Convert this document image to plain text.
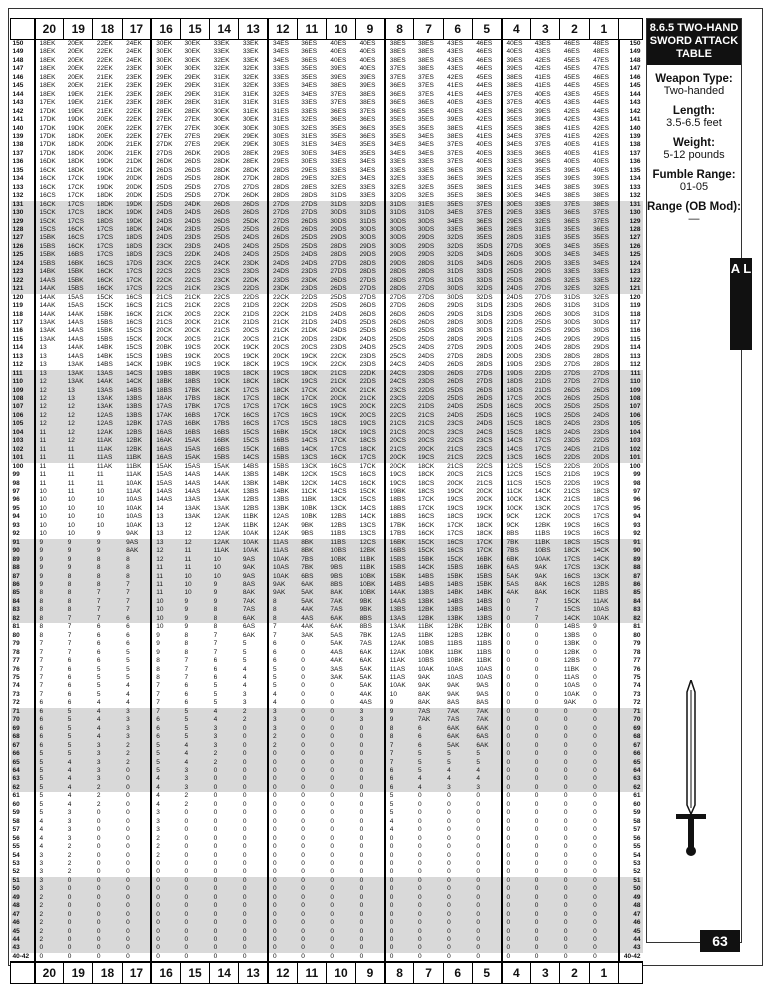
	20	19	18	17	16	15	14	13	12	11	10	9	8	7	6	5	4	3	2	1	
150	18EK	20EK	22EK	24EK	30EK	30EK	33EK	33EK	34ES	36ES	40ES	40ES	38ES	38ES	43ES	46ES	40ES	43ES	46ES	48ES	150
149	18EK	20EK	22EK	24EK	30EK	30EK	33EK	33EK	34ES	36ES	40ES	40ES	38ES	38ES	43ES	46ES	40ES	43ES	46ES	48ES	149
148	18EK	20EK	22EK	24EK	30EK	30EK	32EK	33EK	34ES	36ES	40ES	40ES	38ES	38ES	43ES	46ES	39ES	42ES	45ES	47ES	148
147	18EK	20EK	22EK	23EK	30EK	30EK	32EK	32EK	33ES	35ES	39ES	40ES	37ES	38ES	43ES	46ES	39ES	42ES	45ES	47ES	147
146	18EK	20EK	21EK	23EK	29EK	29EK	31EK	32EK	33ES	35ES	39ES	39ES	37ES	37ES	42ES	45ES	38ES	41ES	45ES	46ES	146
145	18EK	20EK	21EK	23EK	29EK	29EK	31EK	32EK	33ES	34ES	38ES	39ES	36ES	37ES	41ES	44ES	38ES	41ES	44ES	45ES	145
144	18EK	19EK	21EK	23EK	28EK	29EK	31EK	31EK	32ES	34ES	37ES	38ES	36ES	37ES	41ES	44ES	37ES	40ES	43ES	45ES	144
143	17EK	19EK	21EK	23EK	28EK	28EK	31EK	31EK	31ES	33ES	37ES	38ES	36ES	36ES	40ES	43ES	37ES	40ES	43ES	44ES	143
142	17DK	19EK	21EK	22EK	28EK	28EK	30EK	31EK	31ES	33ES	36ES	37ES	36ES	35ES	40ES	43ES	36ES	39ES	42ES	44ES	142
141	17DK	19DK	20EK	22EK	27EK	27EK	30EK	30EK	31ES	32ES	36ES	36ES	35ES	35ES	39ES	42ES	35ES	39ES	42ES	43ES	141
140	17DK	19DK	20EK	22EK	27EK	27EK	30EK	30EK	30ES	32ES	35ES	36ES	35ES	35ES	38ES	41ES	35ES	38ES	41ES	42ES	140
139	17DK	18DK	20EK	22EK	27EK	27ES	29EK	29EK	30ES	31ES	35ES	36ES	35ES	34ES	38ES	41ES	34ES	37ES	41ES	42ES	139
138	17DK	18DK	20DK	21EK	27DK	27ES	29EK	29EK	30ES	31ES	34ES	35ES	34ES	34ES	37ES	40ES	34ES	37ES	40ES	41ES	138
137	17DK	18DK	20DK	21EK	27DS	26DK	29DS	28EK	29ES	30ES	34ES	35ES	34ES	34ES	37ES	40ES	33ES	36ES	40ES	41ES	137
136	16DK	18DK	19DK	21DK	26DK	26DS	28DK	28EK	29ES	30ES	33ES	34ES	33ES	33ES	37ES	40ES	33ES	36ES	40ES	40ES	136
135	16CK	18DK	19DK	21DK	26DS	26DS	28DK	28DK	28DS	29ES	33ES	34ES	33ES	33ES	36ES	39ES	32ES	35ES	39ES	40ES	135
134	16CK	17CK	19DK	20DK	26DS	25DS	28DK	27DK	28DS	29ES	32ES	34ES	32ES	33ES	36ES	39ES	32ES	35ES	39ES	39ES	134
133	16CK	17CK	19DK	20DK	25DS	25DS	27DS	27DS	28DS	28ES	32ES	33ES	32ES	32ES	35ES	38ES	31ES	34ES	38ES	39ES	133
132	16CS	17CK	18DK	20DK	25DS	25DS	27DK	26DK	28DS	28DS	31DS	33ES	32DS	32ES	35ES	38ES	30ES	34ES	38ES	38ES	132
131	16CK	17CS	18DK	19DK	25DS	24DK	26DS	26DS	27DS	27DS	31DS	32DS	31DS	31ES	35ES	37ES	30ES	33ES	37ES	38ES	131
130	15CK	17CS	18CK	19DK	24DS	24DS	26DS	26DS	27DS	27DS	30DS	31DS	31DS	31DS	34ES	37ES	29ES	33ES	36ES	37ES	130
129	15CK	17CS	18DS	19DK	24DS	24DS	26DS	25DK	27DS	26DS	30DS	31DS	30DS	30DS	34ES	36ES	29ES	32ES	36ES	37ES	129
128	15CS	16CK	17CS	18DK	24DK	23DS	25DS	25DS	26DS	26DS	29DS	30DS	30DS	30DS	33ES	36ES	28ES	31ES	35ES	36ES	128
127	15BK	16CS	17CS	18DS	24DS	23DS	25DS	24DS	26DS	25DS	29DS	30DS	30DS	29DS	32DS	35ES	28DS	31ES	35ES	35ES	127
126	15BS	16CK	17CS	18DS	23CK	23DS	24DS	24DS	25DS	25DS	28DS	29DS	30DS	29DS	32DS	35DS	27DS	30ES	34ES	35ES	126
125	15BK	16BS	17CS	18DS	23CS	22DK	24DS	24DS	25DS	24DS	28DS	29DS	29DS	29DS	32DS	34DS	26DS	30DS	34ES	34ES	125
124	15BS	16BK	16CS	17DS	23CK	22CS	24CK	23DK	24DS	24DS	27DS	28DS	29DS	28DS	31DS	34DS	26DS	29DS	33ES	34ES	124
123	14BK	15BK	16CK	17CS	22CS	22CS	23CS	23DS	24DS	23DS	27DS	28DS	28DS	28DS	31DS	33DS	25DS	29DS	33ES	33ES	123
122	14AS	15BK	16CK	17CK	22CK	22CS	23CK	22DK	23DS	23DK	26DS	27DS	28DS	27DS	31DS	33DS	25DS	28DS	32ES	33ES	122
121	14AK	15BS	16CK	17CS	22CS	21CK	23CS	22DS	23DK	23DS	26DS	27DS	28DS	27DS	30DS	32DS	24DS	27DS	32ES	32ES	121
120	14AK	15AS	15CK	16CS	21CS	21CK	22CS	22DS	22CK	22DS	25DS	27DS	27DS	27DS	30DS	32DS	24DS	27DS	31DS	32ES	120
119	14AK	15AS	15CK	16CS	21CS	21CK	22CS	21DS	22CK	22DS	25DS	26DS	27DS	26DS	29DS	31DS	23DS	26DS	31DS	31DS	119
118	14AK	14AK	15BK	16CK	21CK	20CS	22CK	21DS	22CK	21DS	24DS	26DS	26DS	26DS	29DS	31DS	23DS	26DS	30DS	31DS	118
117	13AK	14AS	15BS	16CS	21CS	20CK	21CK	21DS	21CK	21DS	24DS	25DS	26DS	26DS	28DS	30DS	22DS	25DS	30DS	30DS	117
116	13AK	14AS	15BK	15CS	20CK	20CK	21CS	20CS	21CK	21DK	24DS	25DS	26DS	25DS	28DS	30DS	21DS	25DS	29DS	30DS	116
115	13AK	14AS	15BS	15CK	20CK	20CS	21CK	20CS	21CK	20DS	23DK	24DS	25DS	25DS	28DS	29DS	21DS	24DS	29DS	29DS	115
114	13	14AK	14BK	15CS	20BK	19CS	20CK	19CK	20CS	20CS	23DS	24DS	25CS	24DS	27DS	29DS	20DS	24DS	28DS	29DS	114
113	13	14AS	14BK	15CS	19BS	19CK	20CS	19CK	20CK	19CK	22CK	23DS	25CS	24DS	27DS	28DS	20DS	23DS	28DS	28DS	113
112	13	13AK	14BS	14CK	19BK	19CS	19CK	18CK	19CS	19CK	22CK	23DS	24CS	24DS	26DS	28DS	19DS	23DS	27DS	28DS	112
111	13	13AK	13AS	14CS	19BS	18BK	19CS	18CK	19CS	18CK	21CS	22DK	24CS	23DS	26DS	27DS	19DS	22DS	27DS	27DS	111
110	12	13AK	14AK	14CK	18BK	18BS	19CK	18CK	18CK	19CS	21CK	22DS	24CS	23DS	26DS	27DS	18DS	21DS	27DS	27DS	110
109	12	13	13AS	14BS	18BS	17BK	18CK	17CS	18CK	17CK	20CK	21CK	23CS	22DS	25DS	26DS	18DS	21DS	26DS	26DS	109
108	12	13	13AK	13BS	18AK	17BS	18CK	17CS	18CK	17CK	20CK	21CK	23CS	22DS	25DS	26DS	17CS	20CS	26DS	25DS	108
107	12	12	13AK	13BS	17AS	17BK	17CS	17CS	17CK	16CS	19CS	20CK	22CS	21DS	24DS	25DS	16CS	20CS	25DS	25DS	107
106	12	12	12AS	13BS	17AK	16BS	17CK	16CS	17CS	16CS	19CK	20CS	22CS	21CS	24DS	25DS	16CS	19CS	25DS	24DS	106
105	12	12	12AS	12BK	17AS	16BK	17BS	16CS	17CS	15CS	18CS	19CS	21CS	21CS	23CS	24DS	15CS	18CS	24DS	23DS	105
104	11	12	12AK	12BS	16AS	16BS	16BS	15CS	16BK	15CK	18CK	19CS	21CS	20CS	23CS	24CS	15CS	18CS	24DS	23DS	104
103	11	12	11AK	12BK	16AK	15AK	16BK	15CS	16BS	14CS	17CK	18CS	20CS	20CS	22CS	23CS	14CS	17CS	23DS	22DS	103
102	11	11	11AK	12BK	16AS	15AS	16BS	15CK	16BS	14CK	17CS	18CK	21CS	20CK	21CS	23CS	14CS	17CS	24DS	21DS	102
101	11	11	11AS	11BK	16AS	15AK	15BS	14CS	15BS	13CS	16CK	17CS	20CK	19CS	21CS	22CS	13CS	16CS	22DS	20DS	101
100	11	11	11AK	11BK	15AK	15AS	15AK	14BS	15BS	13CK	16CS	17CK	20CK	18CK	21CS	22CS	12CS	15CS	22DS	20DS	100
99	11	11	11	11AK	15AS	14AS	14AK	13BS	14BK	12CK	15CS	16CS	19CS	18CK	20CS	21CS	12CS	15CS	21DS	19CS	99
98	11	11	11	10AK	15AS	14AS	14AK	13BK	14BK	12CK	14CS	16CK	19CS	18CS	20CK	21CS	11CS	15CS	22DS	19CS	98
97	10	11	10	11AK	14AS	14AS	14AK	13BS	14BK	11CK	14CS	15CK	19BK	18CS	19CK	20CK	11CK	14CK	21CS	18CS	97
96	10	10	10	10AS	14AS	13AS	13AK	12BS	13BS	11BK	13CK	15CS	18BS	17CK	19CS	20CK	10CK	13CK	21CS	18CS	96
95	10	10	10	10AK	14	13AK	13AK	12BS	13BK	10BK	13CK	14CS	18BS	17CK	19CS	19CK	10CK	13CK	20CS	17CS	95
94	10	10	10	10AS	13	13AK	12AK	11BK	12AS	10BK	12BS	14CK	18BS	16CS	18CS	19CK	9CK	12CK	20CS	17CS	94
93	10	10	10	10AK	13	12	12AK	11BK	12AK	9BK	12BS	13CS	17BK	16CK	17CK	18CK	9CK	12BK	19CS	16CS	93
92	10	10	9	9AK	13	12	12AK	10AK	12AK	9BS	11BS	13CS	17BS	16CK	17CS	18CK	8BS	11BS	19CS	16CS	92
91	9	9	9	9AS	13	12	12AK	10AK	11AS	8BK	11BS	12CS	16BK	15CK	16CS	17CK	7BK	11BK	18CS	15CS	91
90	9	9	9	8AK	12	11	11AK	10AK	11AS	8BK	10BS	12BK	16BS	15CK	16CS	17CK	7BS	10BS	18CK	14CK	90
89	9	9	8	8	12	11	10	9AS	10AK	7BS	10BK	11BK	15BS	15BK	15CK	16BK	6BK	10AK	17CS	14CK	89
88	9	9	8	8	11	11	10	9AK	10AS	7BK	9BS	11BK	15BS	14CK	15BS	16BK	6AS	9AK	17CS	13CK	88
87	9	8	8	8	11	10	10	9AS	10AK	6BS	9BS	10BK	15BK	14BS	15BK	15BS	5AK	9AK	16CS	13CK	87
86	9	8	8	7	11	10	9	8AS	9AK	6AK	8BS	10BK	14BS	14BS	14BS	15BK	5AS	8AK	16CS	12BS	86
85	8	8	7	7	11	10	9	8AK	9AK	5AK	8AK	10BK	14AK	13BS	14BK	14BK	4AK	8AK	16CK	11BS	85
84	8	8	7	7	10	9	9	7AK	8	5AK	7AK	9BK	14AS	13BK	14BS	14BS	0	7	15CK	11AK	84
83	8	8	7	7	10	9	8	7AS	8	4AK	7AS	9BK	13BS	12BK	13BS	14BS	0	7	15CS	10AS	83
82	8	7	7	6	10	9	8	6AK	8	4AS	6AK	8BS	13AS	12BK	13BK	13BS	0	7	14CK	10AK	82
81	8	7	6	6	10	9	8	6AS	7	4AK	6AK	8BS	13AK	11BK	12BK	12BK	0	0	14BS	9	81
80	8	7	6	6	9	8	7	6AK	7	3AK	5AS	7BK	12AS	11BK	12BS	12BK	0	0	13BS	0	80
79	7	7	6	6	9	8	7	5	6	0	5AK	7AS	12AK	10BS	11BS	11BS	0	0	13BK	0	79
78	7	7	6	5	9	8	7	5	6	0	4AS	6AK	12AK	10BK	11BK	11BS	0	0	12BK	0	78
77	7	6	6	5	8	7	6	5	6	0	4AK	6AK	11AK	10BS	10BK	11BK	0	0	12BS	0	77
76	7	6	5	5	8	7	6	4	5	0	3AS	5AK	11AS	10AK	10AS	10AS	0	0	11BK	0	76
75	7	6	5	5	8	7	6	4	5	0	3AK	5AK	11AS	9AK	10AS	10AS	0	0	11AS	0	75
74	7	6	5	4	7	6	5	4	5	0	0	5AK	10AK	9AK	9AK	9AS	0	0	10AS	0	74
73	7	6	5	4	7	6	5	3	4	0	0	4AK	10	8AK	9AK	9AS	0	0	10AK	0	73
72	6	6	4	4	7	6	5	3	4	0	0	4AS	9	8AK	8AS	8AS	0	0	9AK	0	72
71	6	5	4	3	7	5	4	2	3	0	0	3	9	7AS	7AK	7AK	0	0	0	0	71
70	6	5	4	3	6	5	4	2	3	0	0	3	9	7AK	7AS	7AK	0	0	0	0	70
69	6	5	4	3	6	5	3	0	3	0	0	0	8	6	6AK	6AK	0	0	0	0	69
68	6	5	4	3	6	5	3	0	2	0	0	0	8	6	6AK	6AS	0	0	0	0	68
67	6	5	3	2	5	4	3	0	2	0	0	0	7	6	5AK	6AK	0	0	0	0	67
66	5	5	3	2	5	4	2	0	0	0	0	0	7	5	5	5	0	0	0	0	66
65	5	4	3	2	5	4	2	0	0	0	0	0	7	5	5	5	0	0	0	0	65
64	5	4	3	0	5	3	0	0	0	0	0	0	6	5	4	4	0	0	0	0	64
63	5	4	3	0	4	3	0	0	0	0	0	0	6	4	4	4	0	0	0	0	63
62	5	4	2	0	4	3	0	0	0	0	0	0	6	4	3	3	0	0	0	0	62
61	5	4	2	0	4	2	0	0	0	0	0	0	5	0	0	0	0	0	0	0	61
60	5	4	2	0	4	2	0	0	0	0	0	0	5	0	0	0	0	0	0	0	60
59	5	3	0	0	3	0	0	0	0	0	0	0	5	0	0	0	0	0	0	0	59
58	4	3	0	0	3	0	0	0	0	0	0	0	4	0	0	0	0	0	0	0	58
57	4	3	0	0	3	0	0	0	0	0	0	0	4	0	0	0	0	0	0	0	57
56	4	3	0	0	2	0	0	0	0	0	0	0	0	0	0	0	0	0	0	0	56
55	4	2	0	0	2	0	0	0	0	0	0	0	0	0	0	0	0	0	0	0	55
54	3	2	0	0	2	0	0	0	0	0	0	0	0	0	0	0	0	0	0	0	54
53	3	2	0	0	0	0	0	0	0	0	0	0	0	0	0	0	0	0	0	0	53
52	3	2	0	0	0	0	0	0	0	0	0	0	0	0	0	0	0	0	0	0	52
51	3	0	0	0	0	0	0	0	0	0	0	0	0	0	0	0	0	0	0	0	51
50	3	0	0	0	0	0	0	0	0	0	0	0	0	0	0	0	0	0	0	0	50
49	2	0	0	0	0	0	0	0	0	0	0	0	0	0	0	0	0	0	0	0	49
48	2	0	0	0	0	0	0	0	0	0	0	0	0	0	0	0	0	0	0	0	48
47	2	0	0	0	0	0	0	0	0	0	0	0	0	0	0	0	0	0	0	0	47
46	2	0	0	0	0	0	0	0	0	0	0	0	0	0	0	0	0	0	0	0	46
45	2	0	0	0	0	0	0	0	0	0	0	0	0	0	0	0	0	0	0	0	45
44	2	0	0	0	0	0	0	0	0	0	0	0	0	0	0	0	0	0	0	0	44
43	0	0	0	0	0	0	0	0	0	0	0	0	0	0	0	0	0	0	0	0	43
40-42	0	0	0	0	0	0	0	0	0	0	0	0	0	0	0	0	0	0	0	0	40-42
	20	19	18	17	16	15	14	13	12	11	10	9	8	7	6	5	4	3	2	1	
8.6.5 TWO-HAND SWORD ATTACK TABLE
Weapon Type:
Two-handed
Length:
3.5-6.5 feet
Weight:
5-12 pounds
Fumble Range:
01-05
Range (OB Mod):
—
A L
63
